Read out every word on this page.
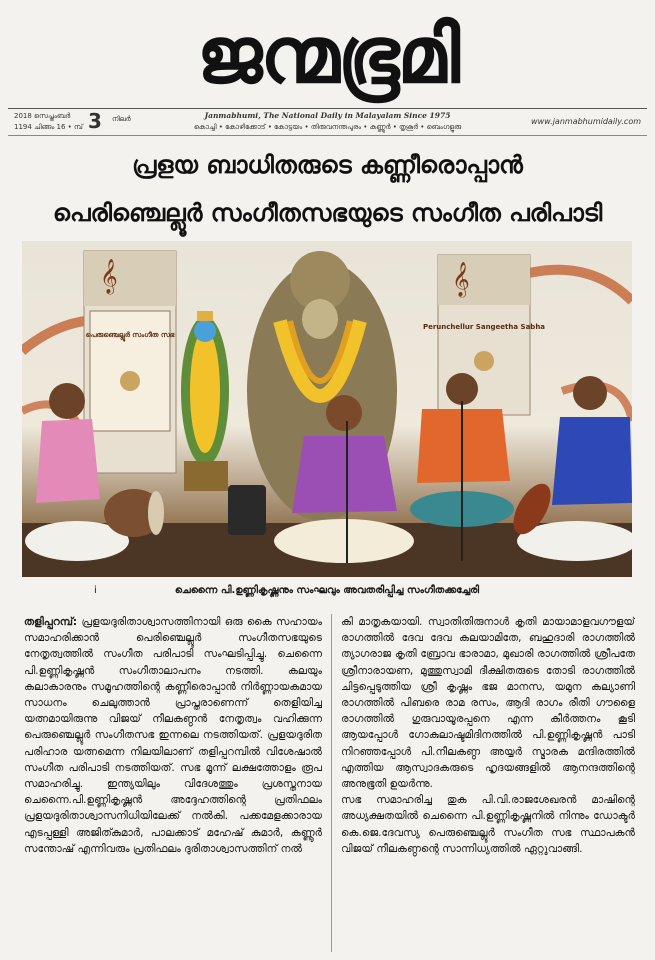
ജന്മഭൂമി
2018 സെപ്തംബർ
1194 ചിങ്ങം 16 • മ്പ് 3 നിലർ	Janmabhumi, The National Daily in Malayalam Since 1975
കൊച്ചി • കോഴിക്കോട് • കോട്ടയം • തിരുവനന്തപുരം • കണ്ണൂർ • തൃശൂർ • ബെംഗളൂരു
www.janmabhumidaily.com
പ്രളയ ബാധിതരുടെ കണ്ണീരൊപ്പാൻ
പെരിഞ്ചെല്ലൂർ സംഗീതസഭയുടെ സംഗീത പരിപാടി
𝄞
പെരുഞ്ചെല്ലൂർ സംഗീത സഭ
𝄞
Perunchellur Sangeetha Sabha
i	ചെന്നൈ പി.ഉണ്ണികൃഷ്ണനും സംഘവും അവതരിപ്പിച്ച സംഗീതക്കച്ചേരി

തളിപ്പറമ്പ്: പ്രളയദുരിതാശ്വാസത്തിനായി ഒരു കൈ സഹായം സമാഹരിക്കാൻ പെരിഞ്ചെല്ലൂർ സംഗീതസഭയുടെ നേതൃത്വത്തിൽ സംഗീത പരിപാടി സംഘടിപ്പിച്ചു. ചെന്നൈ പി.ഉണ്ണികൃഷ്ണൻ സംഗീതാലാപനം നടത്തി. കലയും കലാകാരനും സമൂഹത്തിന്റെ കണ്ണീരൊപ്പാൻ നിർണ്ണായകമായ സാധനം ചെലുത്താൻ പ്രാപ്തരാണെന്ന് തെളിയിച്ച യത്നമായിരുന്നു വിജയ് നീലകണ്ഠൻ നേതൃത്വം വഹിക്കുന്ന പെരുഞ്ചെല്ലൂർ സംഗീതസഭ ഇന്നലെ നടത്തിയത്. പ്രളയദുരിത പരിഹാര യത്നമെന്ന നിലയിലാണ് തളിപ്പറമ്പിൽ വിശേഷാൽ സംഗീത പരിപാടി നടത്തിയത്. സഭ മൂന്ന് ലക്ഷത്തോളം രൂപ സമാഹരിച്ചു. ഇന്ത്യയിലും വിദേശത്തും പ്രശസ്തനായ ചെന്നൈ.പി.ഉണ്ണികൃഷ്ണൻ അദ്ദേഹത്തിന്റെ പ്രതിഫലം പ്രളയദുരിതാശ്വാസനിധിയിലേക്ക് നൽകി. പക്കമേളക്കാരായ എടപ്പള്ളി അജിത്കുമാർ, പാലക്കാട് മഹേഷ് കുമാർ, കണ്ണൂർ സന്തോഷ് എന്നിവരും പ്രതിഫലം ദുരിതാശ്വാസത്തിന് നൽ

കി മാതൃകയായി. സ്വാതിതിരുനാൾ കൃതി മായാമാളവഗൗളയ് രാഗത്തിൽ ദേവ ദേവ കലയാമിതേ, ബഹുദാരി രാഗത്തിൽ ത്യാഗരാജ കൃതി ബ്രോവ ഭാരാമാ, മുഖാരി രാഗത്തിൽ ശ്രീപതേ ശ്രീനാരായണ, മുത്തുസ്വാമി ദീക്ഷിതരുടെ തോടി രാഗത്തിൽ ചിട്ടപ്പെടുത്തിയ ശ്രീ കൃഷ്ണം ഭജ മാനസ, യമുന കല്യാണി രാഗത്തിൽ പിബരെ രാമ രസം, ആദി രാഗം രീതി ഗൗളൈ രാഗത്തിൽ ഗുരുവായൂരപ്പനെ എന്ന കീർത്തനം കൂടി ആയപ്പോൾ ഗോകുലാഷ്ടമിദിനത്തിൽ പി.ഉണ്ണികൃഷ്ണൻ പാടി നിറഞ്ഞപ്പോൾ പി.നീലകണ്ഠ അയ്യർ സ്മാരക മന്ദിരത്തിൽ എത്തിയ ആസ്വാദകരുടെ ഹൃദയങ്ങളിൽ ആനന്ദത്തിന്റെ അനുഭൂതി ഉയർന്നു.

സഭ സമാഹരിച്ച തുക പി.വി.രാജശേഖരൻ മാഷിന്റെ അധ്യക്ഷതയിൽ ചെന്നൈ പി.ഉണ്ണികൃഷ്ണനിൽ നിന്നും ഡോക്ടർ കെ.ജെ.ദേവസ്യ പെരുഞ്ചെല്ലൂർ സംഗീത സഭ സ്ഥാപകൻ വിജയ് നീലകണ്ഠന്റെ സാന്നിധ്യത്തിൽ ഏറ്റുവാങ്ങി.
